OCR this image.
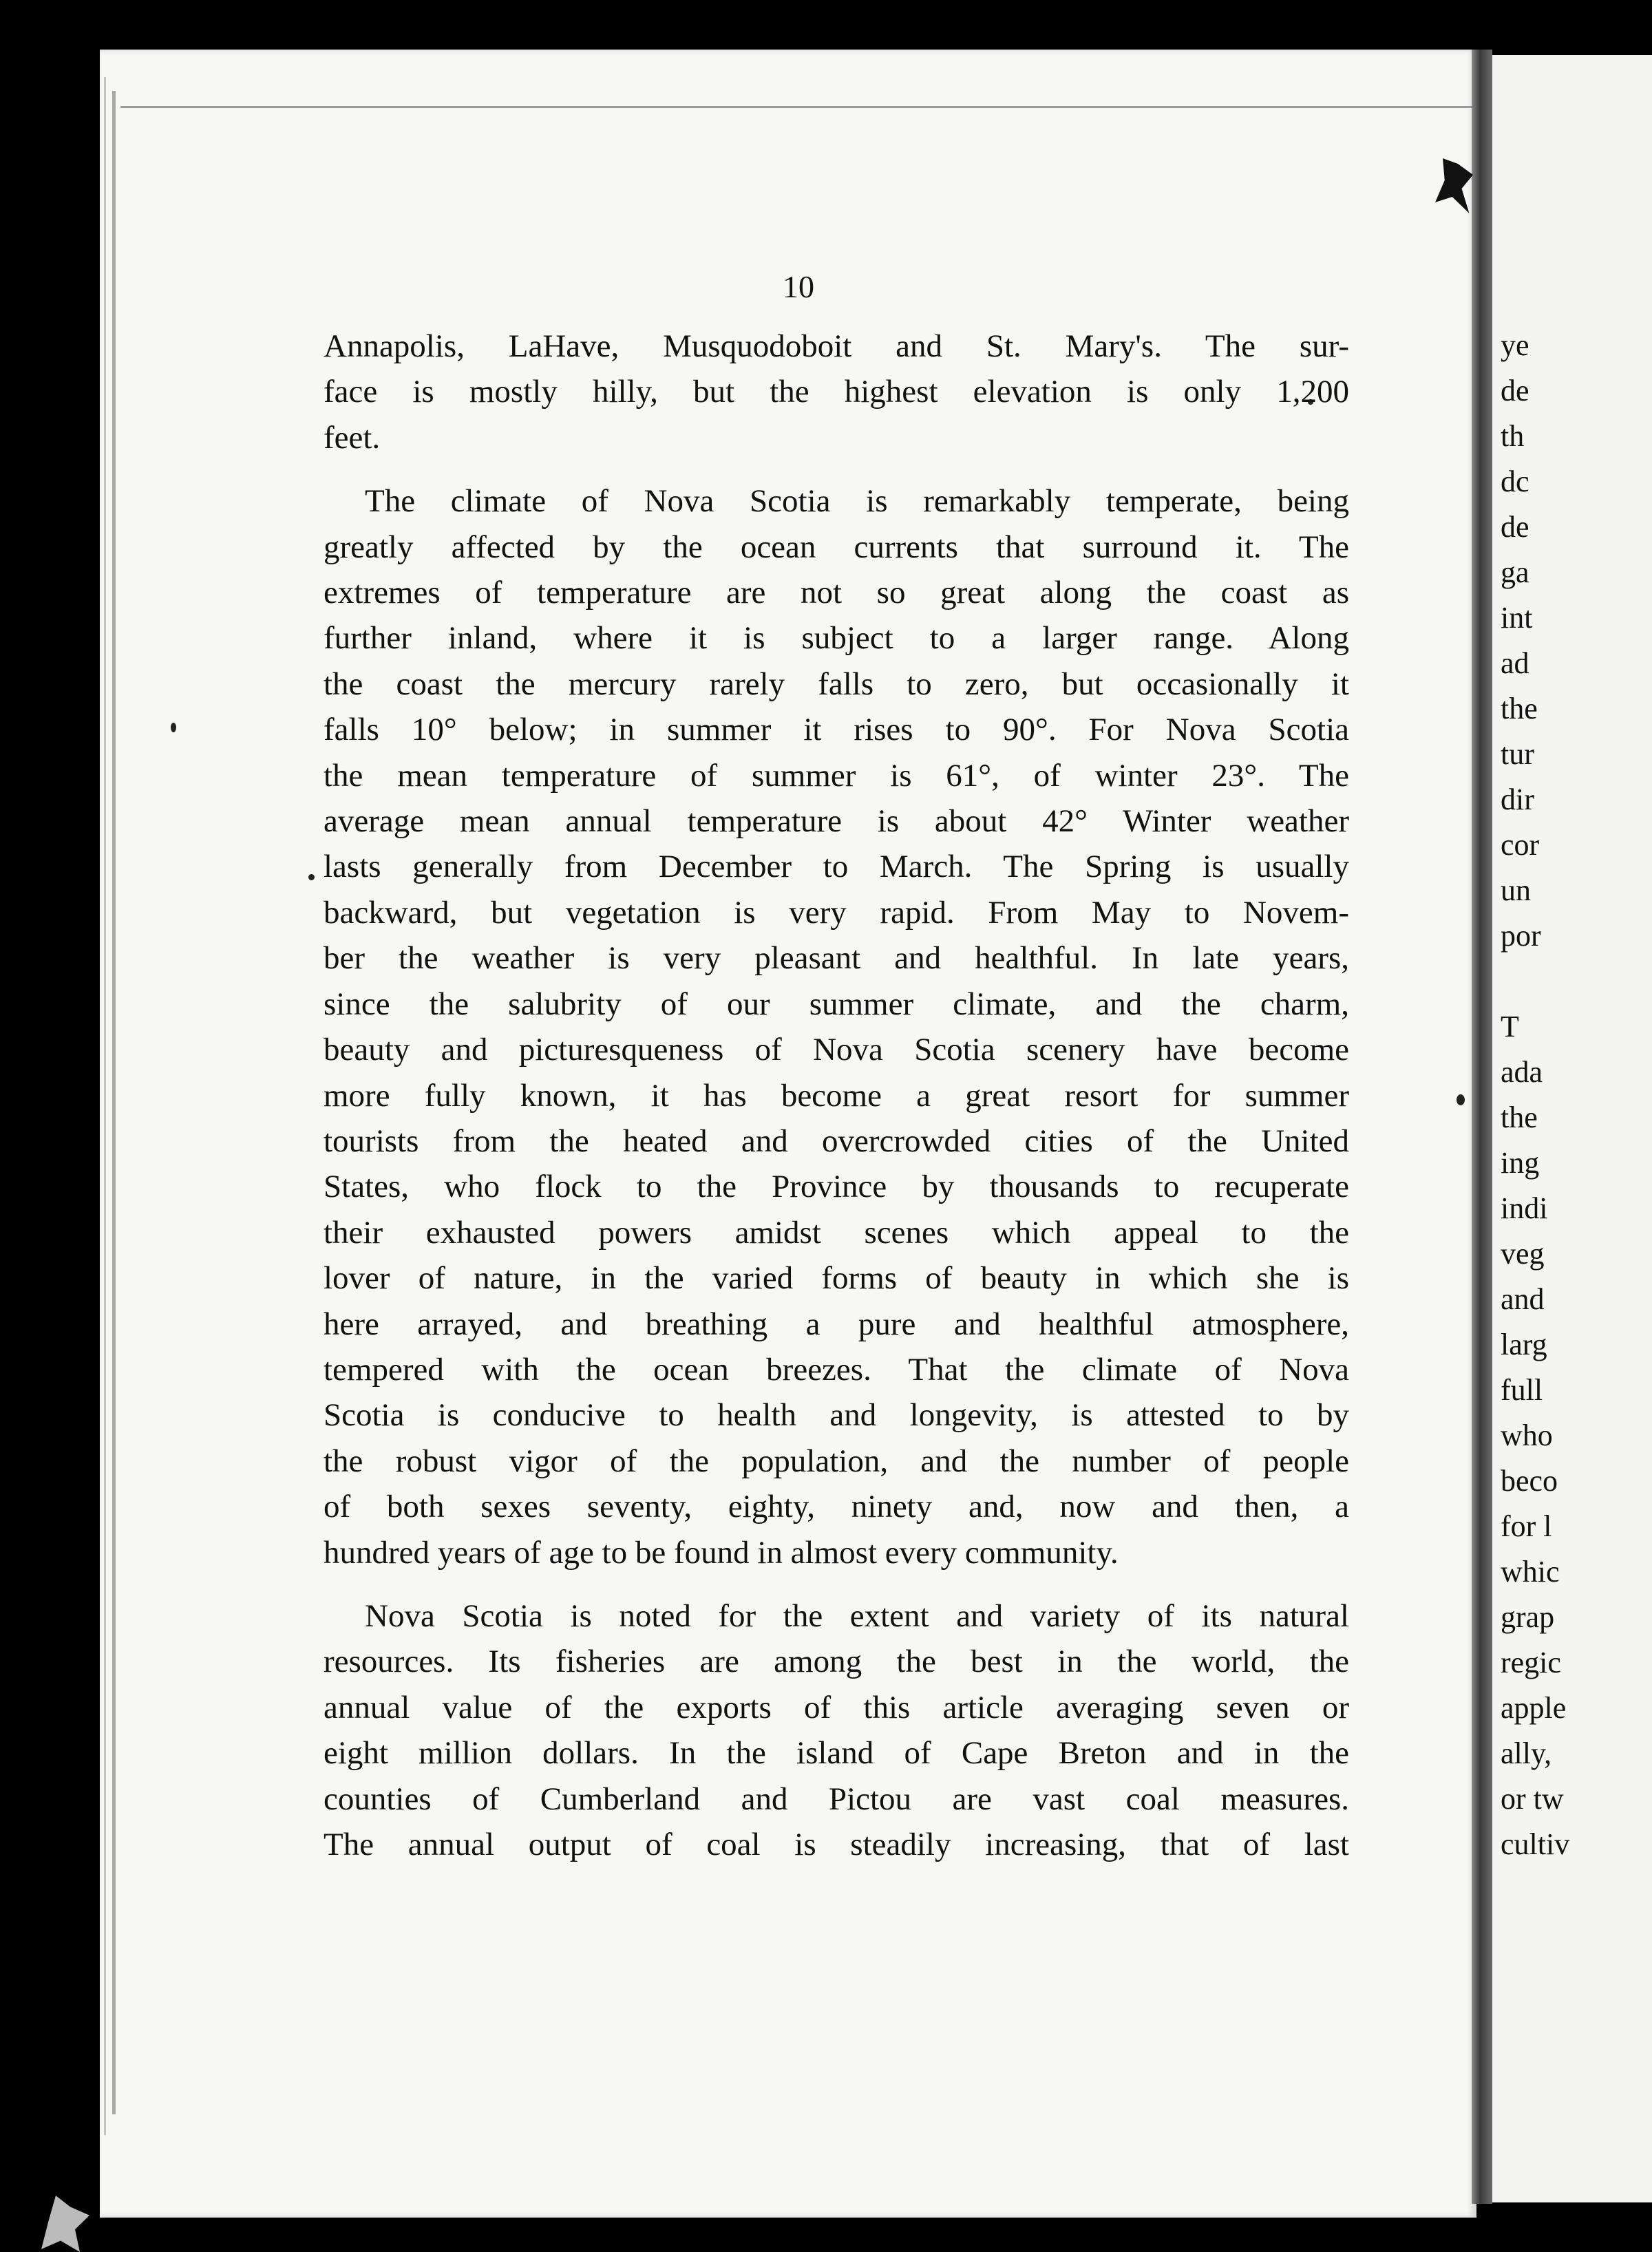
ye
de
th
dc
de
ga
int
ad
the
tur
dir
cor
un
por
T
ada
the
ing
indi
veg
and
larg
full
who
beco
for l
whic
grap
regic
apple
ally,
or tw
cultiv
10
Annapolis, LaHave, Musquodoboit and St. Mary's. The sur-
face is mostly hilly, but the highest elevation is only 1,200
feet.
The climate of Nova Scotia is remarkably temperate, being
greatly affected by the ocean currents that surround it. The
extremes of temperature are not so great along the coast as
further inland, where it is subject to a larger range. Along
the coast the mercury rarely falls to zero, but occasionally it
falls 10° below; in summer it rises to 90°. For Nova Scotia
the mean temperature of summer is 61°, of winter 23°. The
average mean annual temperature is about 42° Winter weather
lasts generally from December to March. The Spring is usually
backward, but vegetation is very rapid. From May to Novem-
ber the weather is very pleasant and healthful. In late years,
since the salubrity of our summer climate, and the charm,
beauty and picturesqueness of Nova Scotia scenery have become
more fully known, it has become a great resort for summer
tourists from the heated and overcrowded cities of the United
States, who flock to the Province by thousands to recuperate
their exhausted powers amidst scenes which appeal to the
lover of nature, in the varied forms of beauty in which she is
here arrayed, and breathing a pure and healthful atmosphere,
tempered with the ocean breezes. That the climate of Nova
Scotia is conducive to health and longevity, is attested to by
the robust vigor of the population, and the number of people
of both sexes seventy, eighty, ninety and, now and then, a
hundred years of age to be found in almost every community.
Nova Scotia is noted for the extent and variety of its natural
resources. Its fisheries are among the best in the world, the
annual value of the exports of this article averaging seven or
eight million dollars. In the island of Cape Breton and in the
counties of Cumberland and Pictou are vast coal measures.
The annual output of coal is steadily increasing, that of last
